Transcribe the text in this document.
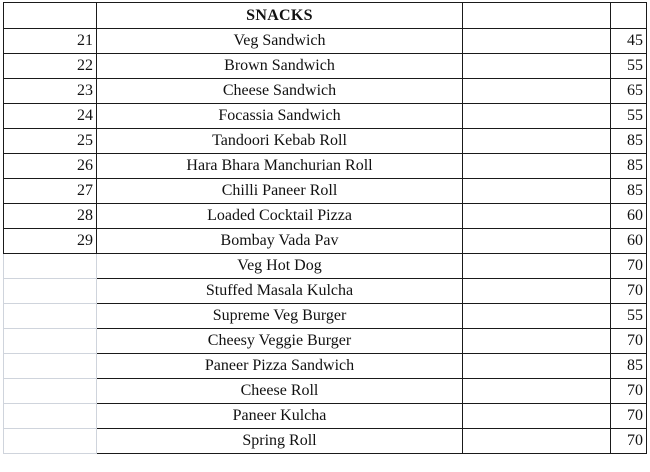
	SNACKS		
21	Veg Sandwich		45
22	Brown Sandwich		55
23	Cheese Sandwich		65
24	Focassia Sandwich		55
25	Tandoori Kebab Roll		85
26	Hara Bhara Manchurian Roll		85
27	Chilli Paneer Roll		85
28	Loaded Cocktail Pizza		60
29	Bombay Vada Pav		60
	Veg Hot Dog		70
	Stuffed Masala Kulcha		70
	Supreme Veg Burger		55
	Cheesy Veggie Burger		70
	Paneer Pizza Sandwich		85
	Cheese Roll		70
	Paneer Kulcha		70
	Spring Roll		70
